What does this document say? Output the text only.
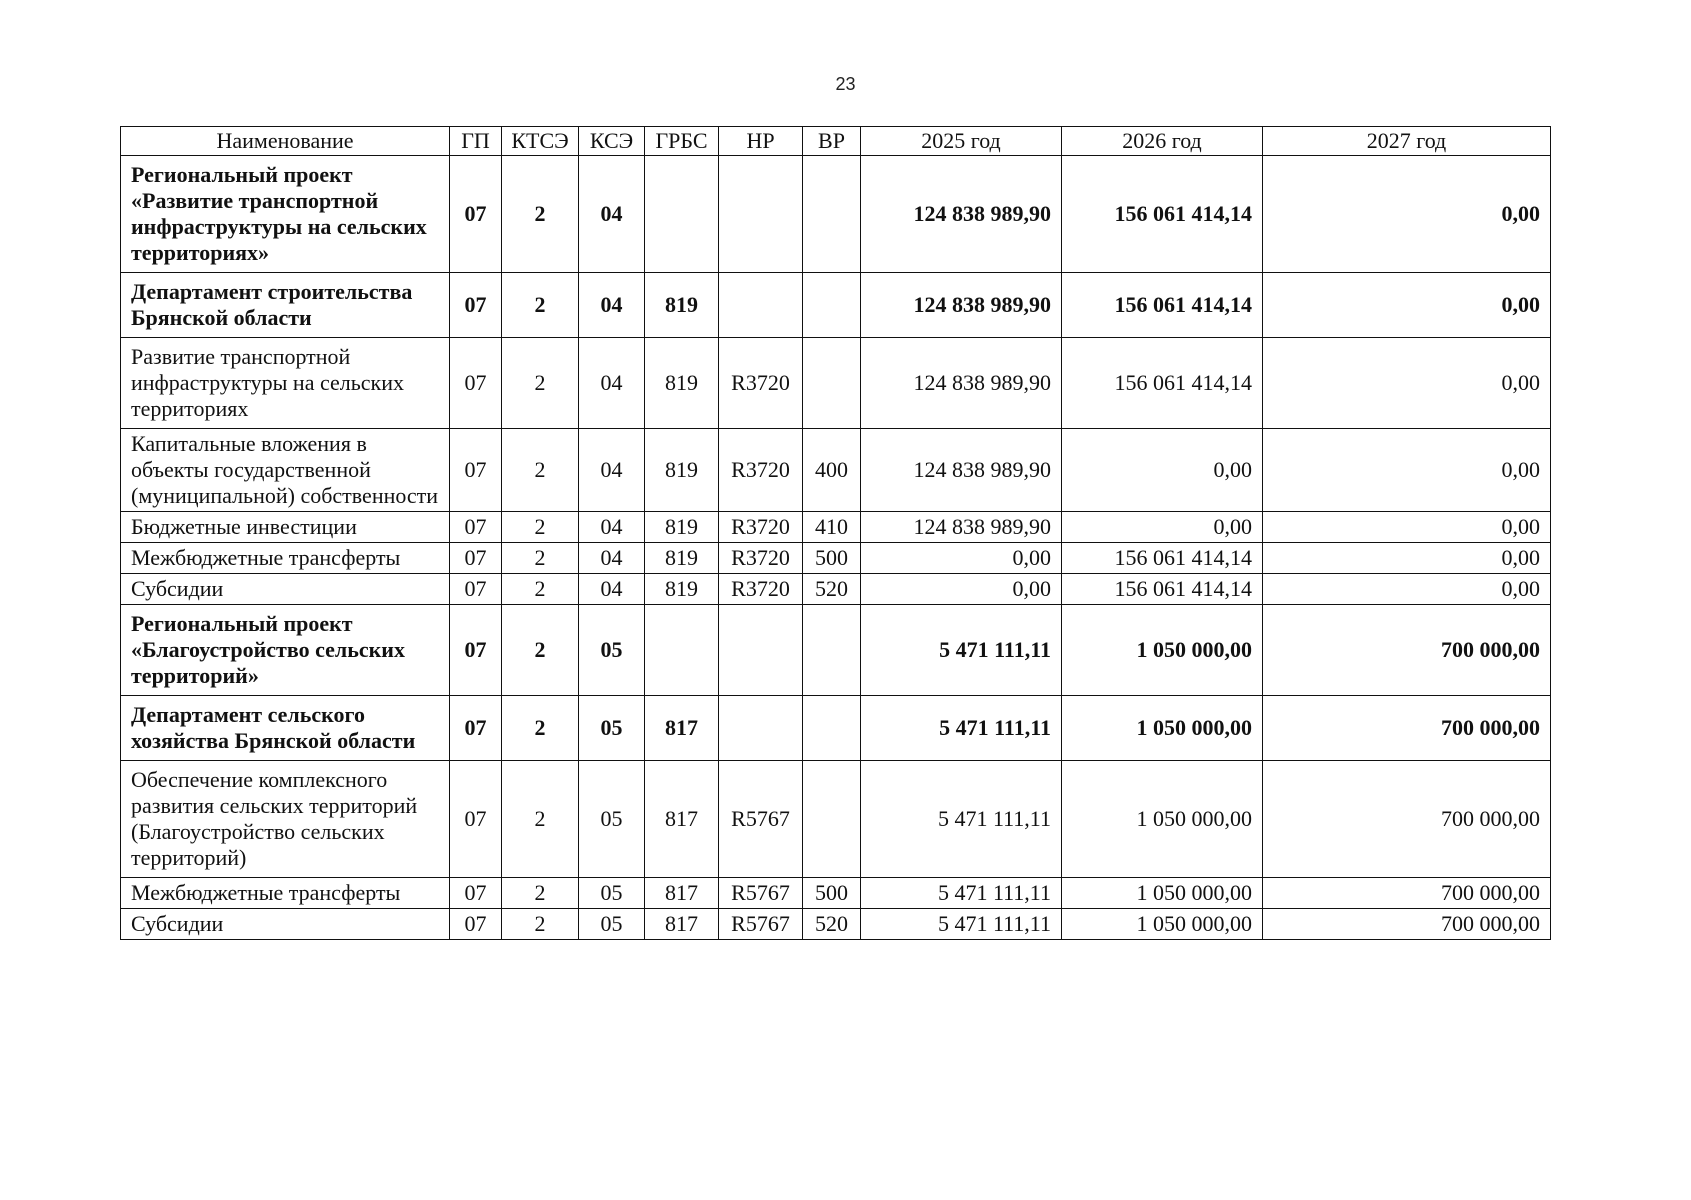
23
Наименование	ГП	КТСЭ	КСЭ	ГРБС	НР	ВР	2025 год	2026 год	2027 год
Региональный проект «Развитие транспортной инфраструктуры на сельских территориях»	07	2	04				124 838 989,90	156 061 414,14	0,00
Департамент строительства Брянской области	07	2	04	819			124 838 989,90	156 061 414,14	0,00
Развитие транспортной инфраструктуры на сельских территориях	07	2	04	819	R3720		124 838 989,90	156 061 414,14	0,00
Капитальные вложения в объекты государственной (муниципальной) собственности	07	2	04	819	R3720	400	124 838 989,90	0,00	0,00
Бюджетные инвестиции	07	2	04	819	R3720	410	124 838 989,90	0,00	0,00
Межбюджетные трансферты	07	2	04	819	R3720	500	0,00	156 061 414,14	0,00
Субсидии	07	2	04	819	R3720	520	0,00	156 061 414,14	0,00
Региональный проект «Благоустройство сельских территорий»	07	2	05				5 471 111,11	1 050 000,00	700 000,00
Департамент сельского хозяйства Брянской области	07	2	05	817			5 471 111,11	1 050 000,00	700 000,00
Обеспечение комплексного развития сельских территорий (Благоустройство сельских территорий)	07	2	05	817	R5767		5 471 111,11	1 050 000,00	700 000,00
Межбюджетные трансферты	07	2	05	817	R5767	500	5 471 111,11	1 050 000,00	700 000,00
Субсидии	07	2	05	817	R5767	520	5 471 111,11	1 050 000,00	700 000,00
